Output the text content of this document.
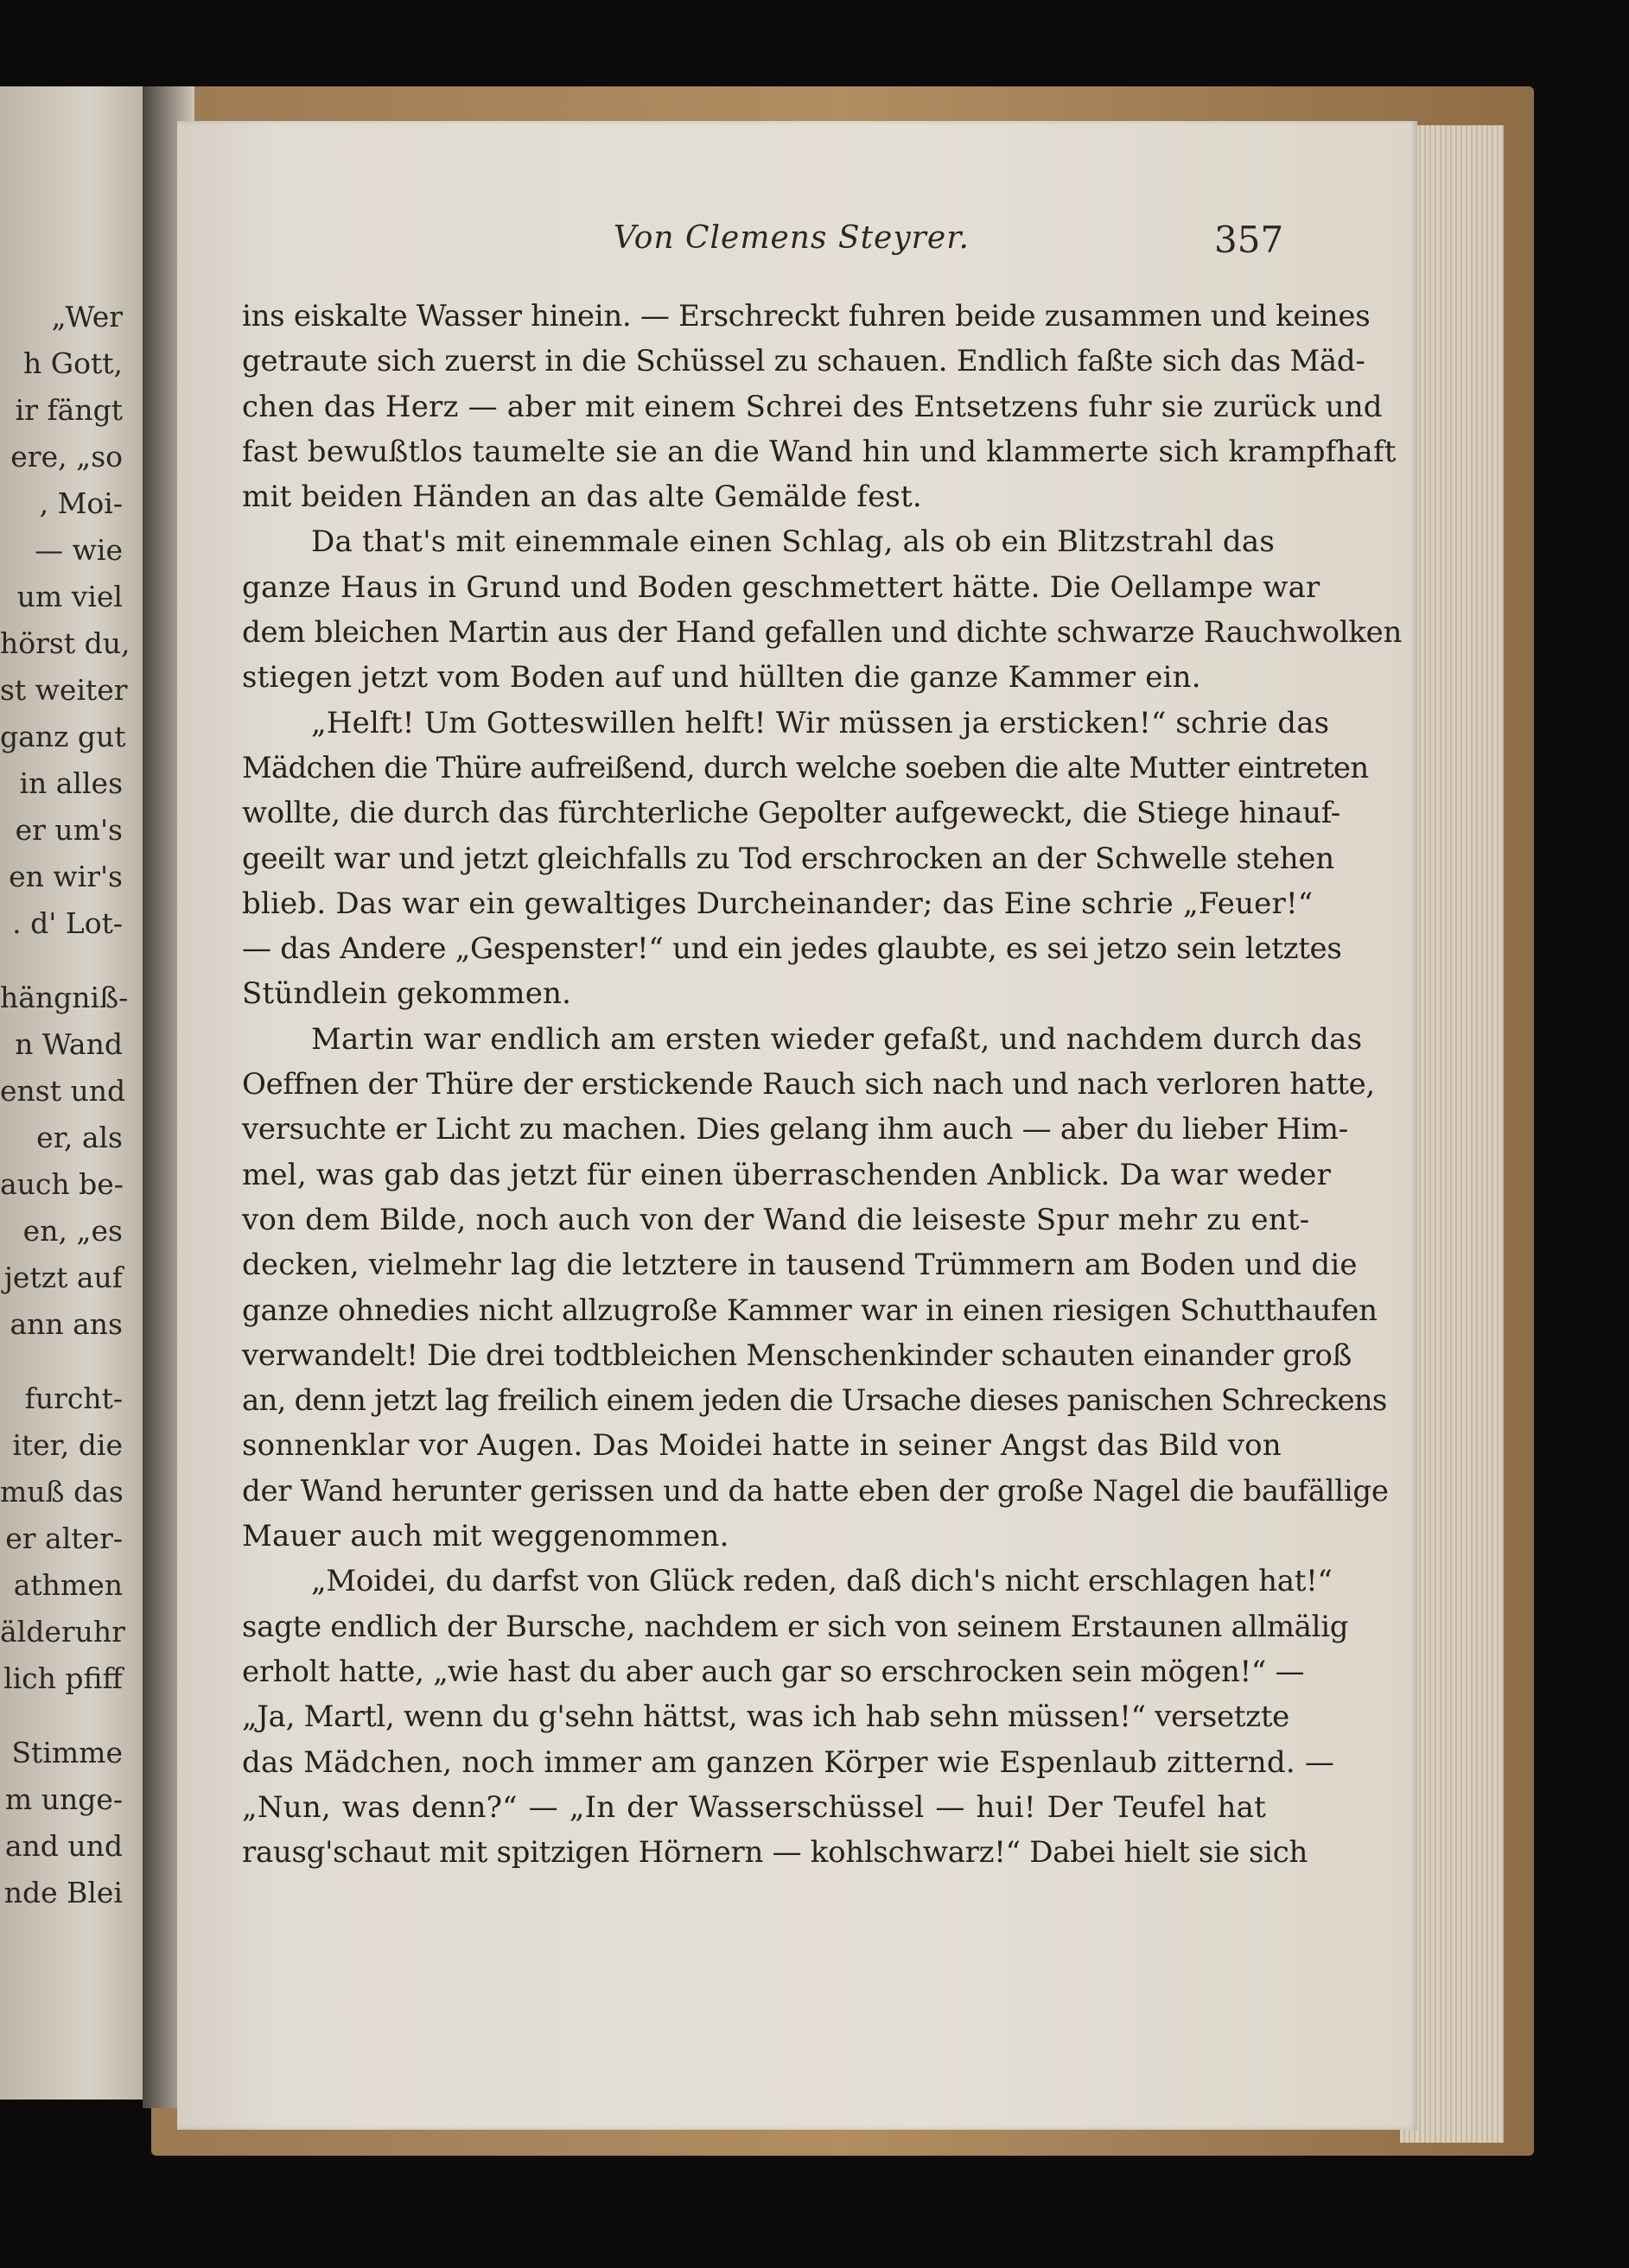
„Wer
h Gott,
ir fängt
ere, „so
, Moi-
— wie
um viel
hörst du,
st weiter
ganz gut
in alles
er um's
en wir's
. d' Lot-
hängniß-
n Wand
enst und
er, als
auch be-
en, „es
jetzt auf
ann ans
furcht-
iter, die
muß das
er alter-
athmen
älderuhr
lich pfiff
Stimme
m unge-
and und
nde Blei
Von Clemens Steyrer.	357
ins eiskalte Wasser hinein. — Erschreckt fuhren beide zusammen und keines
getraute sich zuerst in die Schüssel zu schauen. Endlich faßte sich das Mäd-
chen das Herz — aber mit einem Schrei des Entsetzens fuhr sie zurück und
fast bewußtlos taumelte sie an die Wand hin und klammerte sich krampfhaft
mit beiden Händen an das alte Gemälde fest.
Da that's mit einemmale einen Schlag, als ob ein Blitzstrahl das
ganze Haus in Grund und Boden geschmettert hätte. Die Oellampe war
dem bleichen Martin aus der Hand gefallen und dichte schwarze Rauchwolken
stiegen jetzt vom Boden auf und hüllten die ganze Kammer ein.
„Helft! Um Gotteswillen helft! Wir müssen ja ersticken!“ schrie das
Mädchen die Thüre aufreißend, durch welche soeben die alte Mutter eintreten
wollte, die durch das fürchterliche Gepolter aufgeweckt, die Stiege hinauf-
geeilt war und jetzt gleichfalls zu Tod erschrocken an der Schwelle stehen
blieb. Das war ein gewaltiges Durcheinander; das Eine schrie „Feuer!“
— das Andere „Gespenster!“ und ein jedes glaubte, es sei jetzo sein letztes
Stündlein gekommen.
Martin war endlich am ersten wieder gefaßt, und nachdem durch das
Oeffnen der Thüre der erstickende Rauch sich nach und nach verloren hatte,
versuchte er Licht zu machen. Dies gelang ihm auch — aber du lieber Him-
mel, was gab das jetzt für einen überraschenden Anblick. Da war weder
von dem Bilde, noch auch von der Wand die leiseste Spur mehr zu ent-
decken, vielmehr lag die letztere in tausend Trümmern am Boden und die
ganze ohnedies nicht allzugroße Kammer war in einen riesigen Schutthaufen
verwandelt! Die drei todtbleichen Menschenkinder schauten einander groß
an, denn jetzt lag freilich einem jeden die Ursache dieses panischen Schreckens
sonnenklar vor Augen. Das Moidei hatte in seiner Angst das Bild von
der Wand herunter gerissen und da hatte eben der große Nagel die baufällige
Mauer auch mit weggenommen.
„Moidei, du darfst von Glück reden, daß dich's nicht erschlagen hat!“
sagte endlich der Bursche, nachdem er sich von seinem Erstaunen allmälig
erholt hatte, „wie hast du aber auch gar so erschrocken sein mögen!“ —
„Ja, Martl, wenn du g'sehn hättst, was ich hab sehn müssen!“ versetzte
das Mädchen, noch immer am ganzen Körper wie Espenlaub zitternd. —
„Nun, was denn?“ — „In der Wasserschüssel — hui! Der Teufel hat
rausg'schaut mit spitzigen Hörnern — kohlschwarz!“ Dabei hielt sie sich
